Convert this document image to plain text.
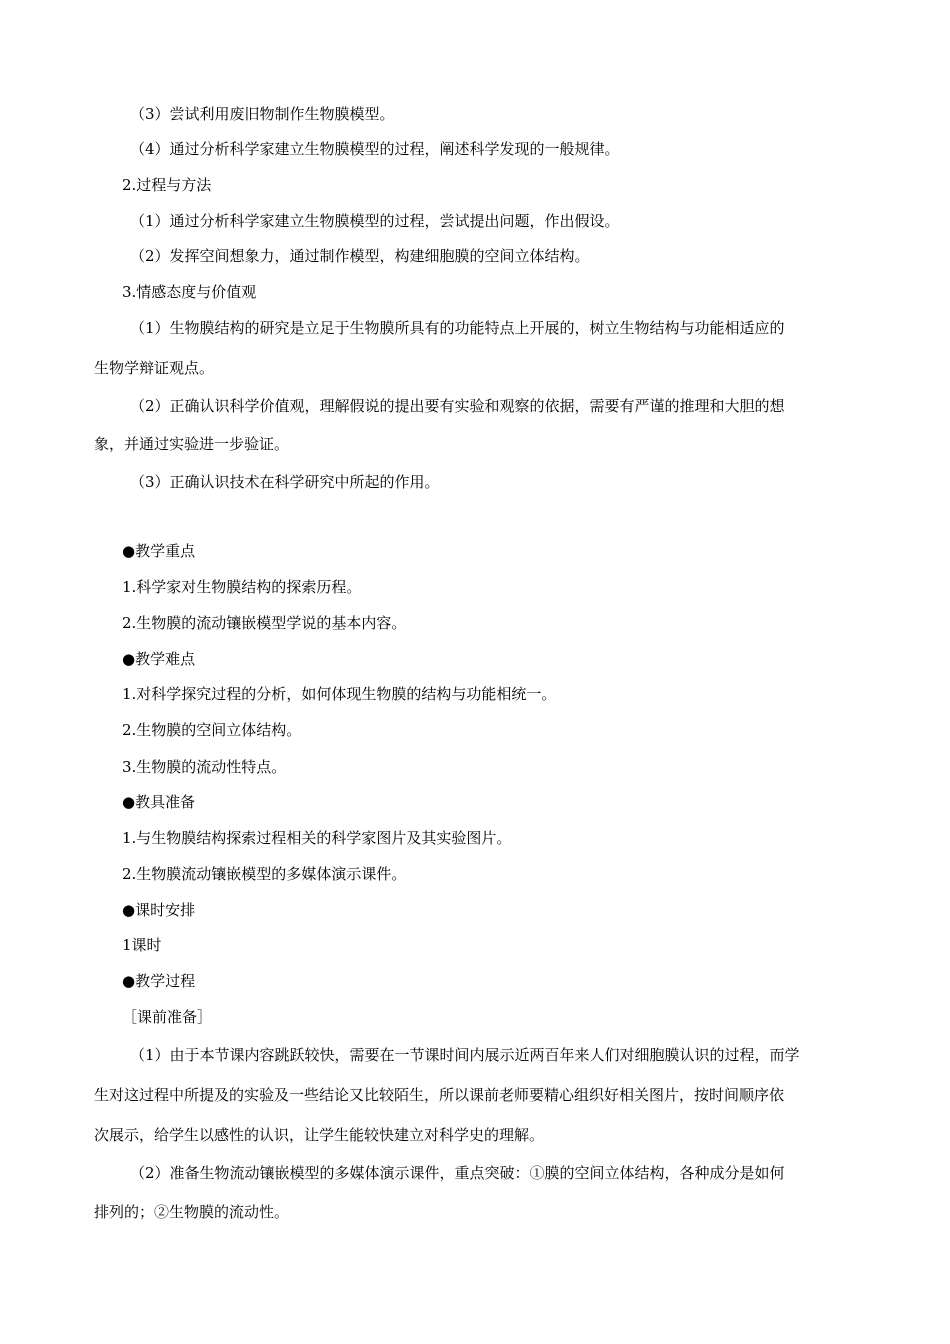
（3）尝试利用废旧物制作生物膜模型。
（4）通过分析科学家建立生物膜模型的过程，阐述科学发现的一般规律。
2.过程与方法
（1）通过分析科学家建立生物膜模型的过程，尝试提出问题，作出假设。
（2）发挥空间想象力，通过制作模型，构建细胞膜的空间立体结构。
3.情感态度与价值观
（1）生物膜结构的研究是立足于生物膜所具有的功能特点上开展的，树立生物结构与功能相适应的
生物学辩证观点。
（2）正确认识科学价值观，理解假说的提出要有实验和观察的依据，需要有严谨的推理和大胆的想
象，并通过实验进一步验证。
（3）正确认识技术在科学研究中所起的作用。
●教学重点
1.科学家对生物膜结构的探索历程。
2.生物膜的流动镶嵌模型学说的基本内容。
●教学难点
1.对科学探究过程的分析，如何体现生物膜的结构与功能相统一。
2.生物膜的空间立体结构。
3.生物膜的流动性特点。
●教具准备
1.与生物膜结构探索过程相关的科学家图片及其实验图片。
2.生物膜流动镶嵌模型的多媒体演示课件。
●课时安排
1课时
●教学过程
［课前准备］
（1）由于本节课内容跳跃较快，需要在一节课时间内展示近两百年来人们对细胞膜认识的过程，而学
生对这过程中所提及的实验及一些结论又比较陌生，所以课前老师要精心组织好相关图片，按时间顺序依
次展示，给学生以感性的认识，让学生能较快建立对科学史的理解。
（2）准备生物流动镶嵌模型的多媒体演示课件，重点突破：①膜的空间立体结构，各种成分是如何
排列的；②生物膜的流动性。
